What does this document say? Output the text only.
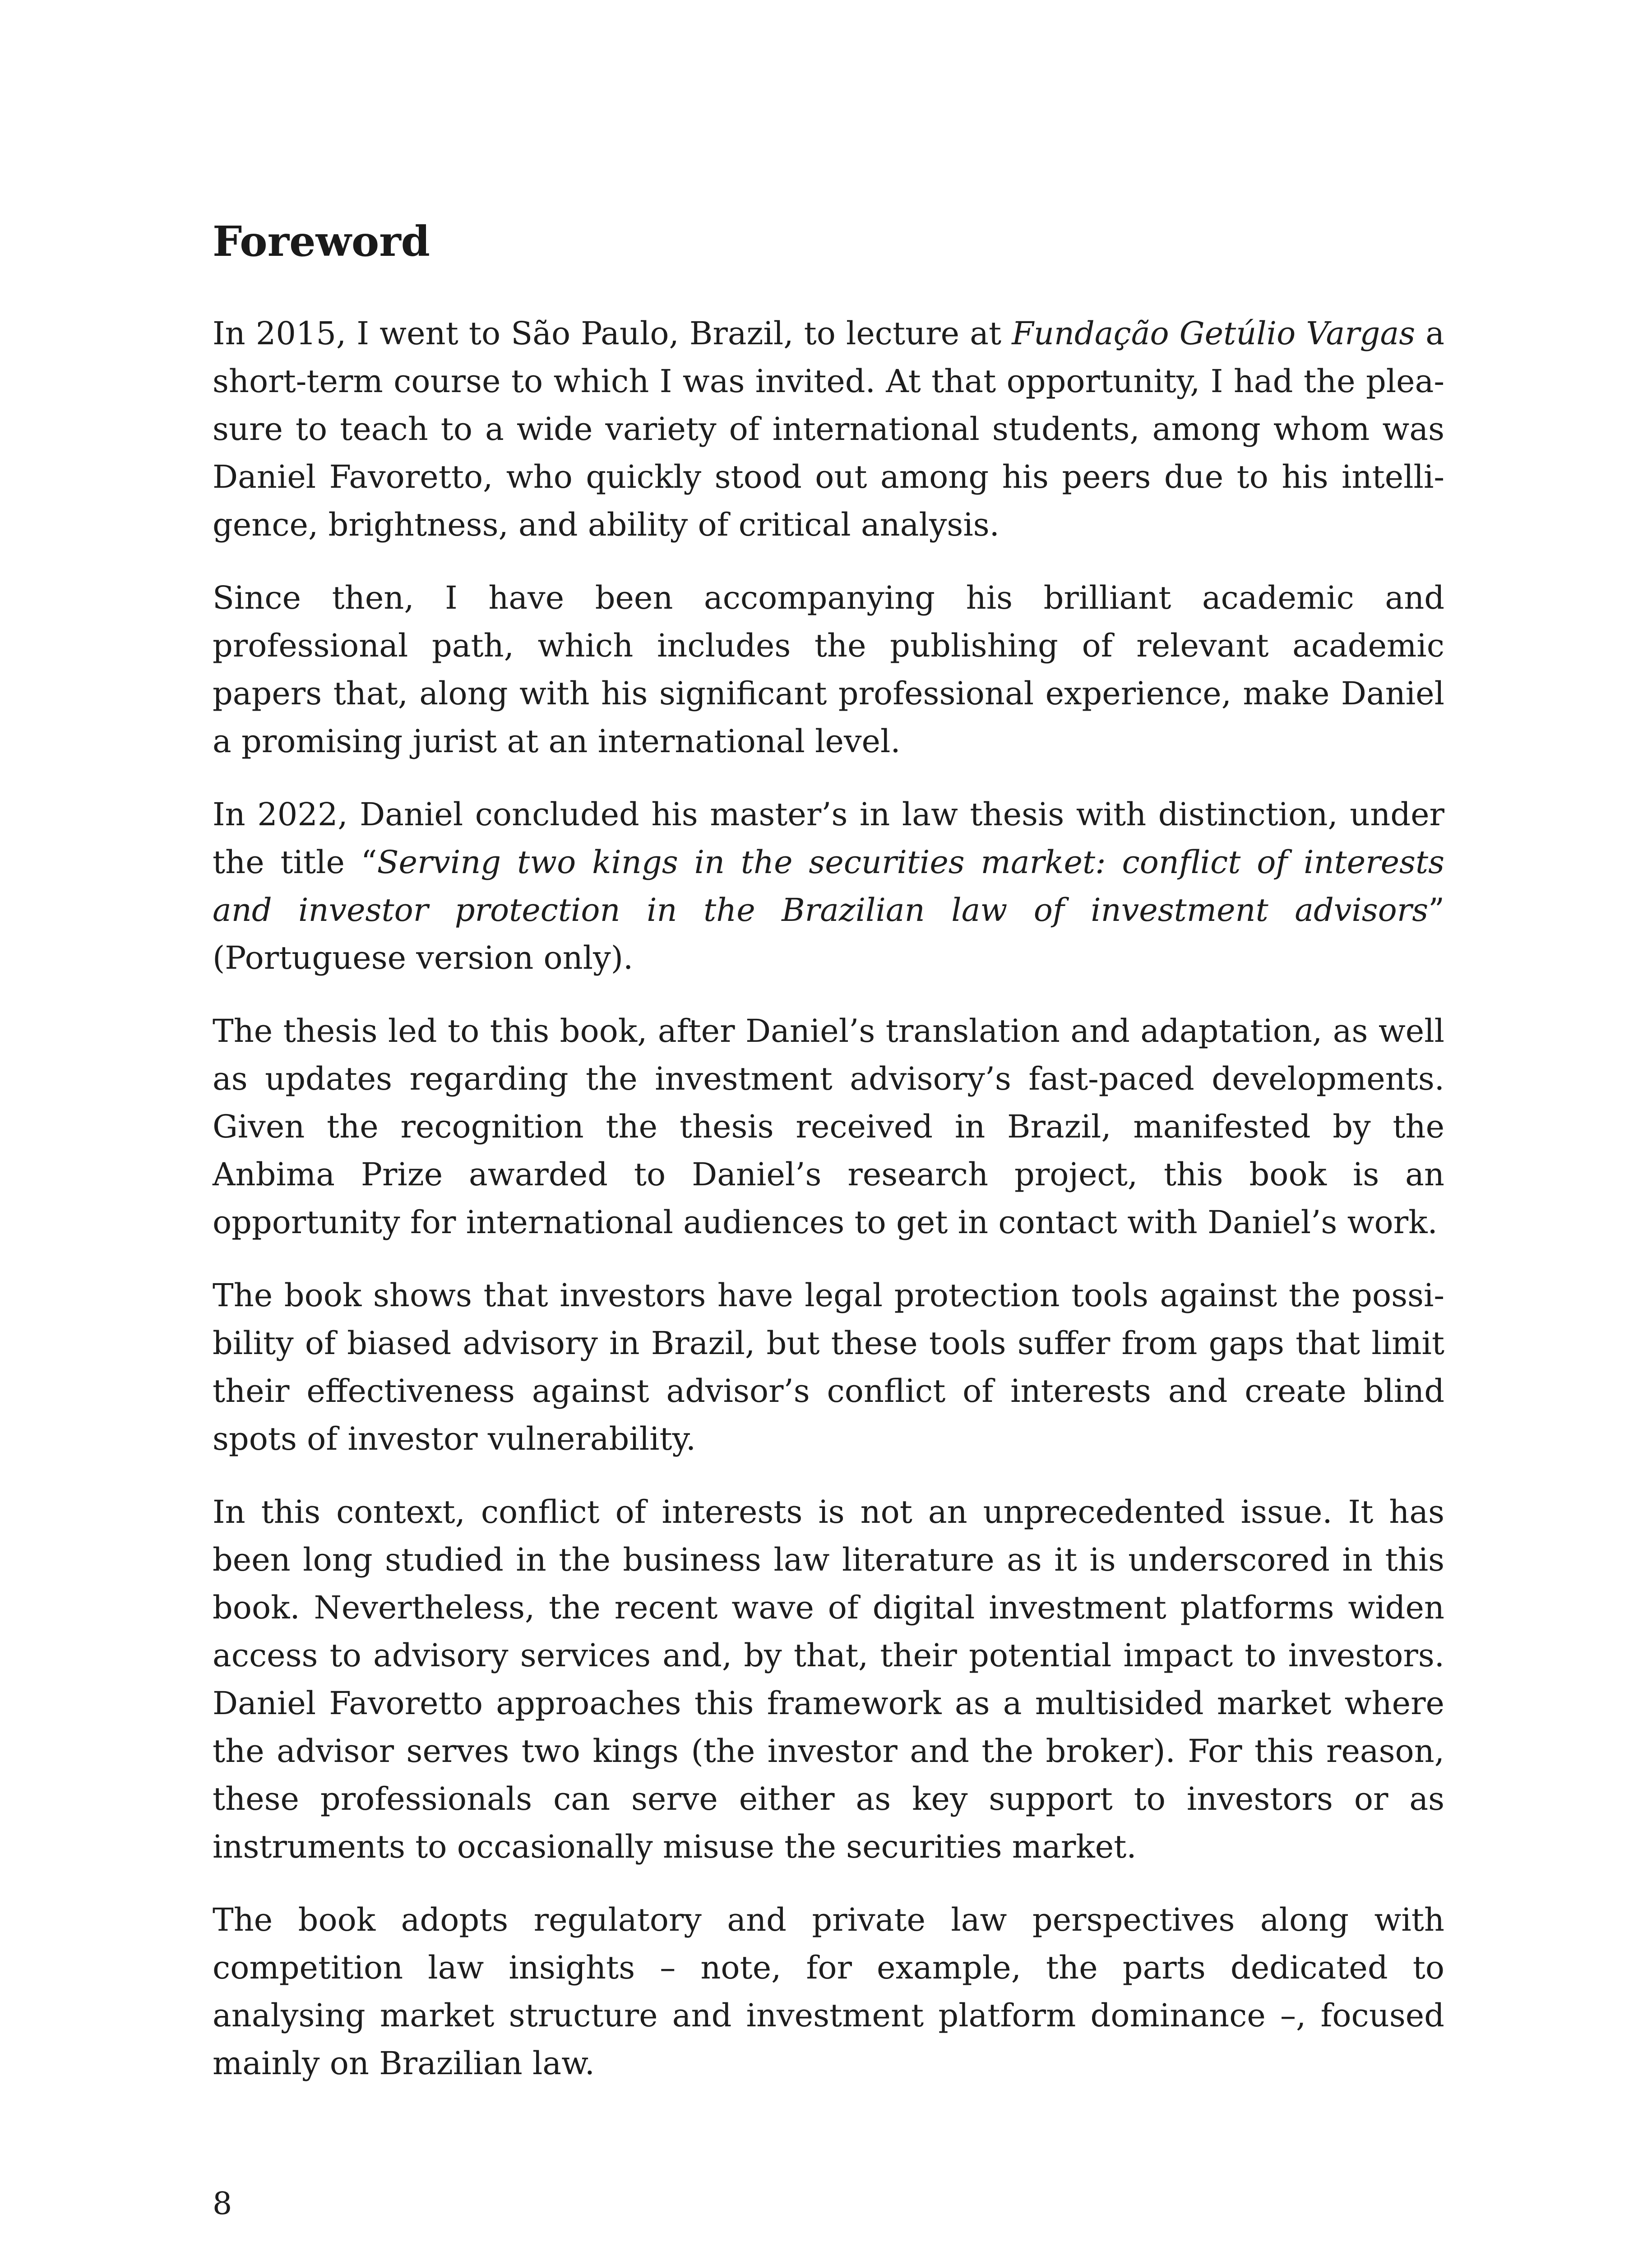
Foreword

In 2015, I went to São Paulo, Brazil, to lecture at Fundação Getúlio Vargas a short-term course to which I was invited. At that opportunity, I had the pleasure to teach to a wide variety of international students, among whom was Daniel Favoretto, who quickly stood out among his peers due to his intelligence, brightness, and ability of critical analysis.

Since then, I have been accompanying his brilliant academic and professional path, which includes the publishing of relevant academic papers that, along with his significant professional experience, make Daniel a promising jurist at an international level.

In 2022, Daniel concluded his master’s in law thesis with distinction, under the title “Serving two kings in the securities market: conflict of interests and investor protection in the Brazilian law of investment advisors” (Portuguese version only).

The thesis led to this book, after Daniel’s translation and adaptation, as well as updates regarding the investment advisory’s fast-paced developments. Given the recognition the thesis received in Brazil, manifested by the Anbima Prize awarded to Daniel’s research project, this book is an opportunity for international audiences to get in contact with Daniel’s work.

The book shows that investors have legal protection tools against the possibility of biased advisory in Brazil, but these tools suffer from gaps that limit their effectiveness against advisor’s conflict of interests and create blind spots of investor vulnerability.

In this context, conflict of interests is not an unprecedented issue. It has been long studied in the business law literature as it is underscored in this book. Nevertheless, the recent wave of digital investment platforms widen access to advisory services and, by that, their potential impact to investors. Daniel Favoretto approaches this framework as a multisided market where the advisor serves two kings (the investor and the broker). For this reason, these professionals can serve either as key support to investors or as instruments to occasionally misuse the securities market.

The book adopts regulatory and private law perspectives along with competition law insights – note, for example, the parts dedicated to analysing market structure and investment platform dominance –, focused mainly on Brazilian law.

8
